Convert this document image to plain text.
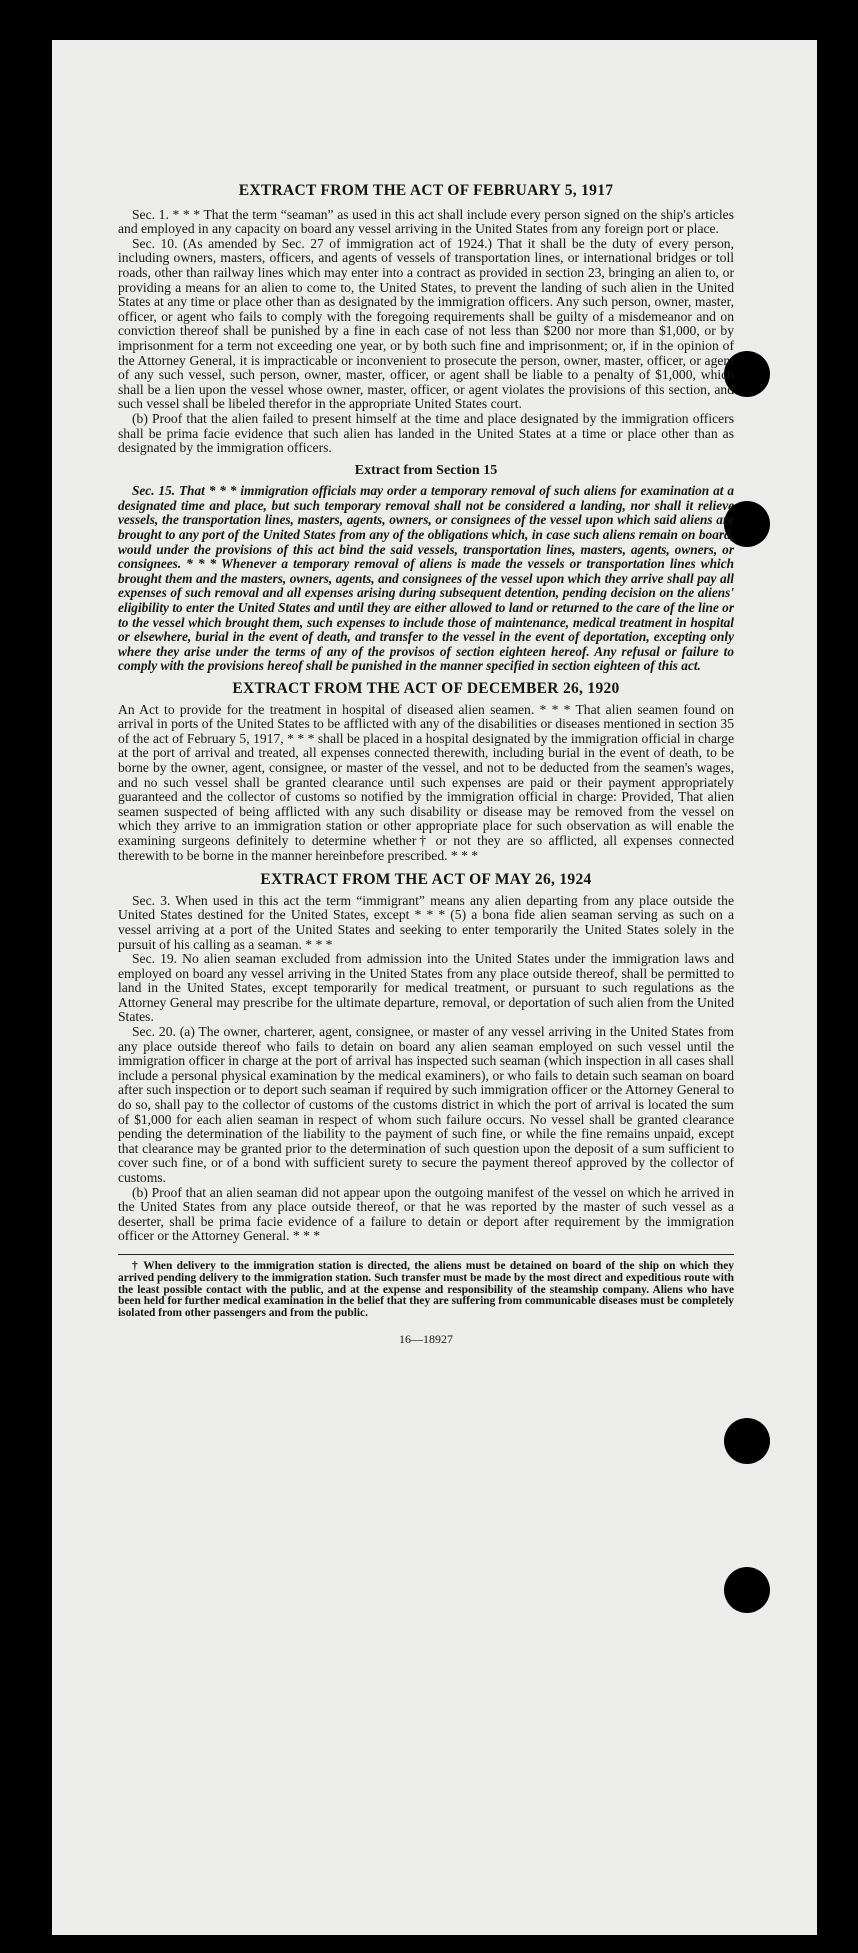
EXTRACT FROM THE ACT OF FEBRUARY 5, 1917

Sec. 1. * * * That the term “seaman” as used in this act shall include every person signed on the ship's articles and employed in any capacity on board any vessel arriving in the United States from any foreign port or place.

Sec. 10. (As amended by Sec. 27 of immigration act of 1924.) That it shall be the duty of every person, including owners, masters, officers, and agents of vessels of transportation lines, or international bridges or toll roads, other than railway lines which may enter into a contract as provided in section 23, bringing an alien to, or providing a means for an alien to come to, the United States, to prevent the landing of such alien in the United States at any time or place other than as designated by the immigration officers. Any such person, owner, master, officer, or agent who fails to comply with the foregoing requirements shall be guilty of a misdemeanor and on conviction thereof shall be punished by a fine in each case of not less than $200 nor more than $1,000, or by imprisonment for a term not exceeding one year, or by both such fine and imprisonment; or, if in the opinion of the Attorney General, it is impracticable or inconvenient to prosecute the person, owner, master, officer, or agent of any such vessel, such person, owner, master, officer, or agent shall be liable to a penalty of $1,000, which shall be a lien upon the vessel whose owner, master, officer, or agent violates the provisions of this section, and such vessel shall be libeled therefor in the appropriate United States court.

(b) Proof that the alien failed to present himself at the time and place designated by the immigration officers shall be prima facie evidence that such alien has landed in the United States at a time or place other than as designated by the immigration officers.

Extract from Section 15

Sec. 15. That * * * immigration officials may order a temporary removal of such aliens for examination at a designated time and place, but such temporary removal shall not be considered a landing, nor shall it relieve vessels, the transportation lines, masters, agents, owners, or consignees of the vessel upon which said aliens are brought to any port of the United States from any of the obligations which, in case such aliens remain on board, would under the provisions of this act bind the said vessels, transportation lines, masters, agents, owners, or consignees. * * * Whenever a temporary removal of aliens is made the vessels or transportation lines which brought them and the masters, owners, agents, and consignees of the vessel upon which they arrive shall pay all expenses of such removal and all expenses arising during subsequent detention, pending decision on the aliens' eligibility to enter the United States and until they are either allowed to land or returned to the care of the line or to the vessel which brought them, such expenses to include those of maintenance, medical treatment in hospital or elsewhere, burial in the event of death, and transfer to the vessel in the event of deportation, excepting only where they arise under the terms of any of the provisos of section eighteen hereof. Any refusal or failure to comply with the provisions hereof shall be punished in the manner specified in section eighteen of this act.

EXTRACT FROM THE ACT OF DECEMBER 26, 1920

An Act to provide for the treatment in hospital of diseased alien seamen. * * * That alien seamen found on arrival in ports of the United States to be afflicted with any of the disabilities or diseases mentioned in section 35 of the act of February 5, 1917, * * * shall be placed in a hospital designated by the immigration official in charge at the port of arrival and treated, all expenses connected therewith, including burial in the event of death, to be borne by the owner, agent, consignee, or master of the vessel, and not to be deducted from the seamen's wages, and no such vessel shall be granted clearance until such expenses are paid or their payment appropriately guaranteed and the collector of customs so notified by the immigration official in charge: Provided, That alien seamen suspected of being afflicted with any such disability or disease may be removed from the vessel on which they arrive to an immigration station or other appropriate place for such observation as will enable the examining surgeons definitely to determine whether† or not they are so afflicted, all expenses connected therewith to be borne in the manner hereinbefore prescribed. * * *

EXTRACT FROM THE ACT OF MAY 26, 1924

Sec. 3. When used in this act the term “immigrant” means any alien departing from any place outside the United States destined for the United States, except * * * (5) a bona fide alien seaman serving as such on a vessel arriving at a port of the United States and seeking to enter temporarily the United States solely in the pursuit of his calling as a seaman. * * *

Sec. 19. No alien seaman excluded from admission into the United States under the immigration laws and employed on board any vessel arriving in the United States from any place outside thereof, shall be permitted to land in the United States, except temporarily for medical treatment, or pursuant to such regulations as the Attorney General may prescribe for the ultimate departure, removal, or deportation of such alien from the United States.

Sec. 20. (a) The owner, charterer, agent, consignee, or master of any vessel arriving in the United States from any place outside thereof who fails to detain on board any alien seaman employed on such vessel until the immigration officer in charge at the port of arrival has inspected such seaman (which inspection in all cases shall include a personal physical examination by the medical examiners), or who fails to detain such seaman on board after such inspection or to deport such seaman if required by such immigration officer or the Attorney General to do so, shall pay to the collector of customs of the customs district in which the port of arrival is located the sum of $1,000 for each alien seaman in respect of whom such failure occurs. No vessel shall be granted clearance pending the determination of the liability to the payment of such fine, or while the fine remains unpaid, except that clearance may be granted prior to the determination of such question upon the deposit of a sum sufficient to cover such fine, or of a bond with sufficient surety to secure the payment thereof approved by the collector of customs.

(b) Proof that an alien seaman did not appear upon the outgoing manifest of the vessel on which he arrived in the United States from any place outside thereof, or that he was reported by the master of such vessel as a deserter, shall be prima facie evidence of a failure to detain or deport after requirement by the immigration officer or the Attorney General. * * *

† When delivery to the immigration station is directed, the aliens must be detained on board of the ship on which they arrived pending delivery to the immigration station. Such transfer must be made by the most direct and expeditious route with the least possible contact with the public, and at the expense and responsibility of the steamship company. Aliens who have been held for further medical examination in the belief that they are suffering from communicable diseases must be completely isolated from other passengers and from the public.

16—18927
